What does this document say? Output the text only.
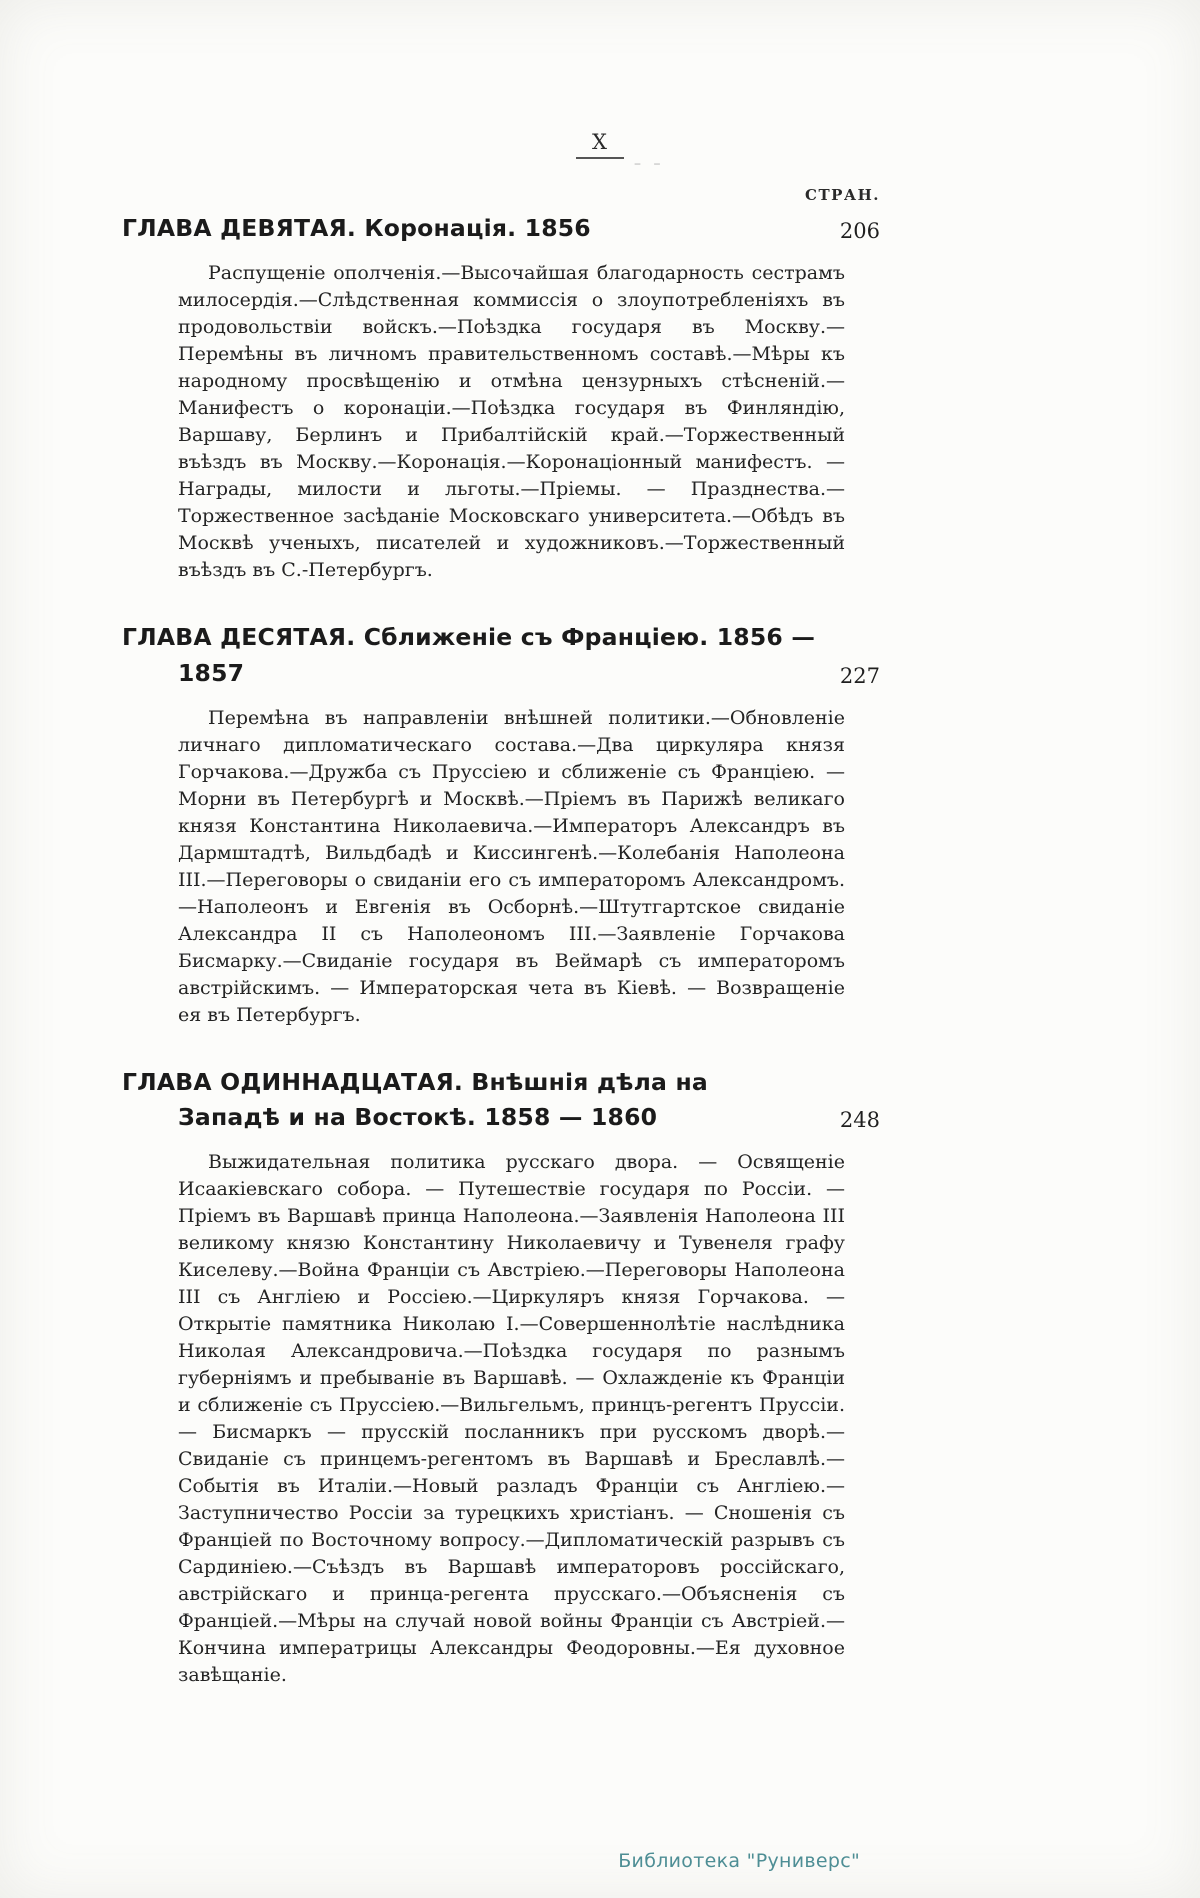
X
– –
СТРАН.
ГЛАВА ДЕВЯТАЯ. Коронація. 1856	206
Распущеніе ополченія.—Высочайшая благодарность сестрамъ милосердія.—Слѣдственная коммиссія о злоупотребленіяхъ въ продовольствіи войскъ.—Поѣздка государя въ Москву.—Перемѣны въ личномъ правительственномъ составѣ.—Мѣры къ народному просвѣщенію и отмѣна цензурныхъ стѣсненій.—Манифестъ о коронаціи.—Поѣздка государя въ Финляндію, Варшаву, Берлинъ и Прибалтійскій край.—Торжественный въѣздъ въ Москву.—Коронація.—Коронаціонный манифестъ. — Награды, милости и льготы.—Пріемы. — Празднества.—Торжественное засѣданіе Московскаго университета.—Обѣдъ въ Москвѣ ученыхъ, писателей и художниковъ.—Торжественный въѣздъ въ С.-Петербургъ.
ГЛАВА ДЕСЯТАЯ. Сближеніе съ Франціею. 1856 — 1857	227
Перемѣна въ направленіи внѣшней политики.—Обновленіе личнаго дипломатическаго состава.—Два циркуляра князя Горчакова.—Дружба съ Пруссіею и сближеніе съ Франціею. — Морни въ Петербургѣ и Москвѣ.—Пріемъ въ Парижѣ великаго князя Константина Николаевича.—Императоръ Александръ въ Дармштадтѣ, Вильдбадѣ и Киссингенѣ.—Колебанія Наполеона III.—Переговоры о свиданіи его съ императоромъ Александромъ.—Наполеонъ и Евгенія въ Осборнѣ.—Штутгартское свиданіе Александра II съ Наполеономъ III.—Заявленіе Горчакова Бисмарку.—Свиданіе государя въ Веймарѣ съ императоромъ австрійскимъ. — Императорская чета въ Кіевѣ. — Возвращеніе ея въ Петербургъ.
ГЛАВА ОДИННАДЦАТАЯ. Внѣшнія дѣла на Западѣ и на Востокѣ. 1858 — 1860	248
Выжидательная политика русскаго двора. — Освященіе Исаакіевскаго собора. — Путешествіе государя по Россіи. — Пріемъ въ Варшавѣ принца Наполеона.—Заявленія Наполеона III великому князю Константину Николаевичу и Тувенеля графу Киселеву.—Война Франціи съ Австріею.—Переговоры Наполеона III съ Англіею и Россіею.—Циркуляръ князя Горчакова. — Открытіе памятника Николаю I.—Совершеннолѣтіе наслѣдника Николая Александровича.—Поѣздка государя по разнымъ губерніямъ и пребываніе въ Варшавѣ. — Охлажденіе къ Франціи и сближеніе съ Пруссіею.—Вильгельмъ, принцъ-регентъ Пруссіи. — Бисмаркъ — прусскій посланникъ при русскомъ дворѣ.—Свиданіе съ принцемъ-регентомъ въ Варшавѣ и Бреславлѣ.—Событія въ Италіи.—Новый разладъ Франціи съ Англіею.—Заступничество Россіи за турецкихъ христіанъ. — Сношенія съ Франціей по Восточному вопросу.—Дипломатическій разрывъ съ Сардиніею.—Съѣздъ въ Варшавѣ императоровъ россійскаго, австрійскаго и принца-регента прусскаго.—Объясненія съ Франціей.—Мѣры на случай новой войны Франціи съ Австріей.—Кончина императрицы Александры Феодоровны.—Ея духовное завѣщаніе.
Библиотека "Руниверс"
